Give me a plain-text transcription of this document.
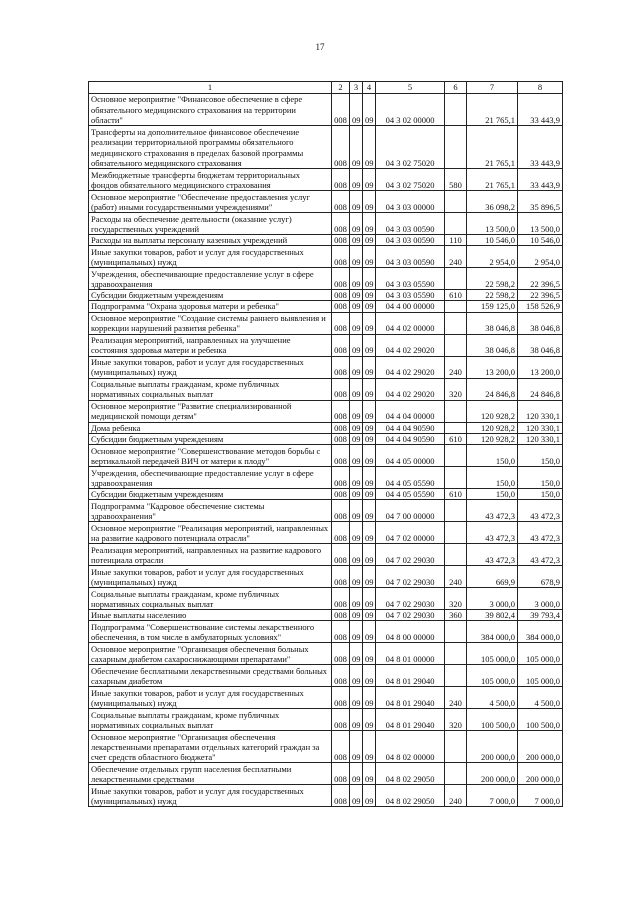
17
1	2	3	4	5	6	7	8
Основное мероприятие "Финансовое обеспечение в сфере обязательного медицинского страхования на территории области"	008	09	09	04 3 02 00000		21 765,1	33 443,9
Трансферты на дополнительное финансовое обеспечение реализации территориальной программы обязательного медицинского страхования в пределах базовой программы обязательного медицинского страхования	008	09	09	04 3 02 75020		21 765,1	33 443,9
Межбюджетные трансферты бюджетам территориальных фондов обязательного медицинского страхования	008	09	09	04 3 02 75020	580	21 765,1	33 443,9
Основное мероприятие "Обеспечение предоставления услуг (работ) иными государственными учреждениями"	008	09	09	04 3 03 00000		36 098,2	35 896,5
Расходы на обеспечение деятельности (оказание услуг) государственных учреждений	008	09	09	04 3 03 00590		13 500,0	13 500,0
Расходы на выплаты персоналу казенных учреждений	008	09	09	04 3 03 00590	110	10 546,0	10 546,0
Иные закупки товаров, работ и услуг для государственных (муниципальных) нужд	008	09	09	04 3 03 00590	240	2 954,0	2 954,0
Учреждения, обеспечивающие предоставление услуг в сфере здравоохранения	008	09	09	04 3 03 05590		22 598,2	22 396,5
Субсидии бюджетным учреждениям	008	09	09	04 3 03 05590	610	22 598,2	22 396,5
Подпрограмма "Охрана здоровья матери и ребенка"	008	09	09	04 4 00 00000		159 125,0	158 526,9
Основное мероприятие "Создание системы раннего выявления и коррекции нарушений развития ребенка"	008	09	09	04 4 02 00000		38 046,8	38 046,8
Реализация мероприятий, направленных на улучшение состояния здоровья матери и ребенка	008	09	09	04 4 02 29020		38 046,8	38 046,8
Иные закупки товаров, работ и услуг для государственных (муниципальных) нужд	008	09	09	04 4 02 29020	240	13 200,0	13 200,0
Социальные выплаты гражданам, кроме публичных нормативных социальных выплат	008	09	09	04 4 02 29020	320	24 846,8	24 846,8
Основное мероприятие "Развитие специализированной медицинской помощи детям"	008	09	09	04 4 04 00000		120 928,2	120 330,1
Дома ребенка	008	09	09	04 4 04 90590		120 928,2	120 330,1
Субсидии бюджетным учреждениям	008	09	09	04 4 04 90590	610	120 928,2	120 330,1
Основное мероприятие "Совершенствование методов борьбы с вертикальной передачей ВИЧ от матери к плоду"	008	09	09	04 4 05 00000		150,0	150,0
Учреждения, обеспечивающие предоставление услуг в сфере здравоохранения	008	09	09	04 4 05 05590		150,0	150,0
Субсидии бюджетным учреждениям	008	09	09	04 4 05 05590	610	150,0	150,0
Подпрограмма "Кадровое обеспечение системы здравоохранения"	008	09	09	04 7 00 00000		43 472,3	43 472,3
Основное мероприятие "Реализация мероприятий, направленных на развитие кадрового потенциала отрасли"	008	09	09	04 7 02 00000		43 472,3	43 472,3
Реализация мероприятий, направленных на развитие кадрового потенциала отрасли	008	09	09	04 7 02 29030		43 472,3	43 472,3
Иные закупки товаров, работ и услуг для государственных (муниципальных) нужд	008	09	09	04 7 02 29030	240	669,9	678,9
Социальные выплаты гражданам, кроме публичных нормативных социальных выплат	008	09	09	04 7 02 29030	320	3 000,0	3 000,0
Иные выплаты населению	008	09	09	04 7 02 29030	360	39 802,4	39 793,4
Подпрограмма "Совершенствование системы лекарственного обеспечения, в том числе в амбулаторных условиях"	008	09	09	04 8 00 00000		384 000,0	384 000,0
Основное мероприятие "Организация обеспечения больных сахарным диабетом сахароснижающими препаратами"	008	09	09	04 8 01 00000		105 000,0	105 000,0
Обеспечение бесплатными лекарственными средствами больных сахарным диабетом	008	09	09	04 8 01 29040		105 000,0	105 000,0
Иные закупки товаров, работ и услуг для государственных (муниципальных) нужд	008	09	09	04 8 01 29040	240	4 500,0	4 500,0
Социальные выплаты гражданам, кроме публичных нормативных социальных выплат	008	09	09	04 8 01 29040	320	100 500,0	100 500,0
Основное мероприятие "Организация обеспечения лекарственными препаратами отдельных категорий граждан за счет средств областного бюджета"	008	09	09	04 8 02 00000		200 000,0	200 000,0
Обеспечение отдельных групп населения бесплатными лекарственными средствами	008	09	09	04 8 02 29050		200 000,0	200 000,0
Иные закупки товаров, работ и услуг для государственных (муниципальных) нужд	008	09	09	04 8 02 29050	240	7 000,0	7 000,0
